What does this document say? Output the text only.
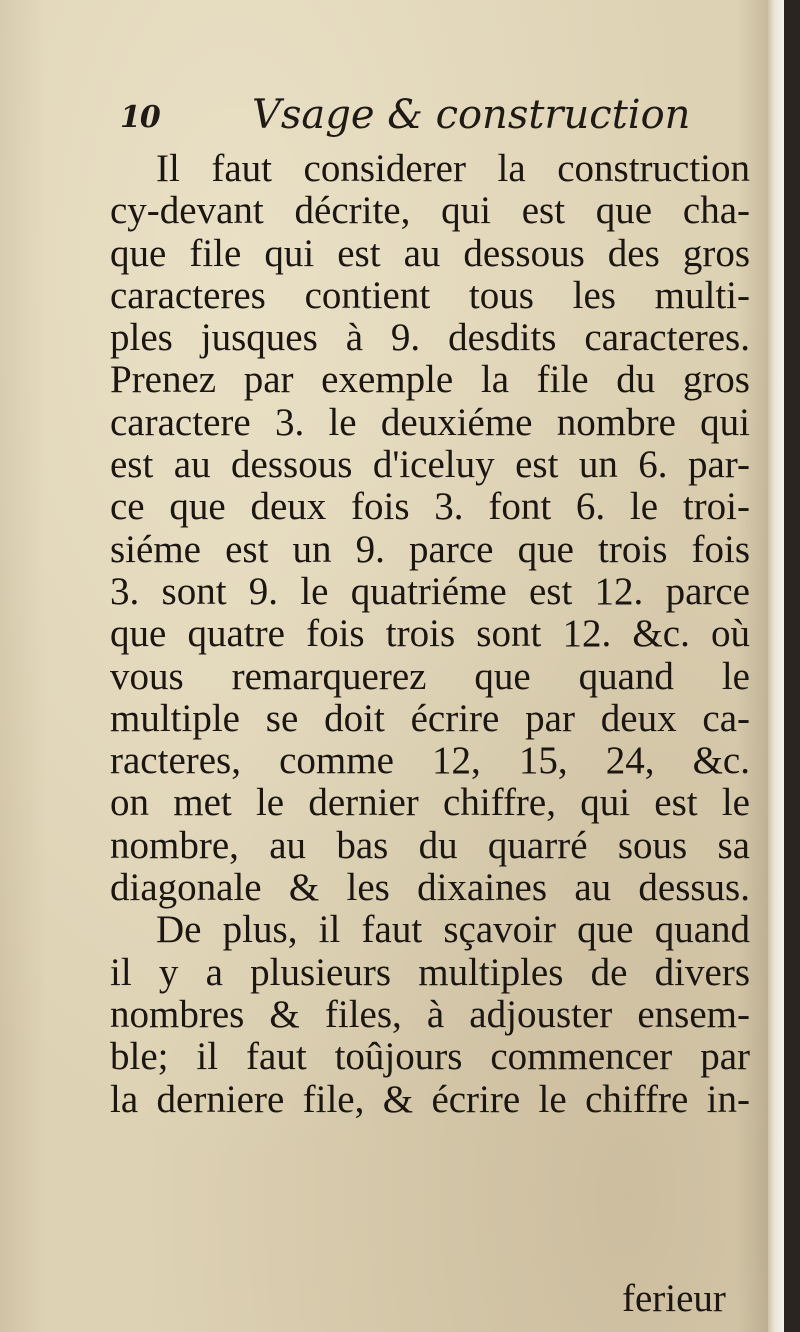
10 Vsage & construction
Il faut considerer la construction
cy-devant décrite, qui est que cha-
que file qui est au dessous des gros
caracteres contient tous les multi-
ples jusques à 9. desdits caracteres.
Prenez par exemple la file du gros
caractere 3. le deuxiéme nombre qui
est au dessous d'iceluy est un 6. par-
ce que deux fois 3. font 6. le troi-
siéme est un 9. parce que trois fois
3. sont 9. le quatriéme est 12. parce
que quatre fois trois sont 12. &c. où
vous remarquerez que quand le
multiple se doit écrire par deux ca-
racteres, comme 12, 15, 24, &c.
on met le dernier chiffre, qui est le
nombre, au bas du quarré sous sa
diagonale & les dixaines au dessus.
De plus, il faut sçavoir que quand
il y a plusieurs multiples de divers
nombres & files, à adjouster ensem-
ble; il faut toûjours commencer par
la derniere file, & écrire le chiffre in-
ferieur
